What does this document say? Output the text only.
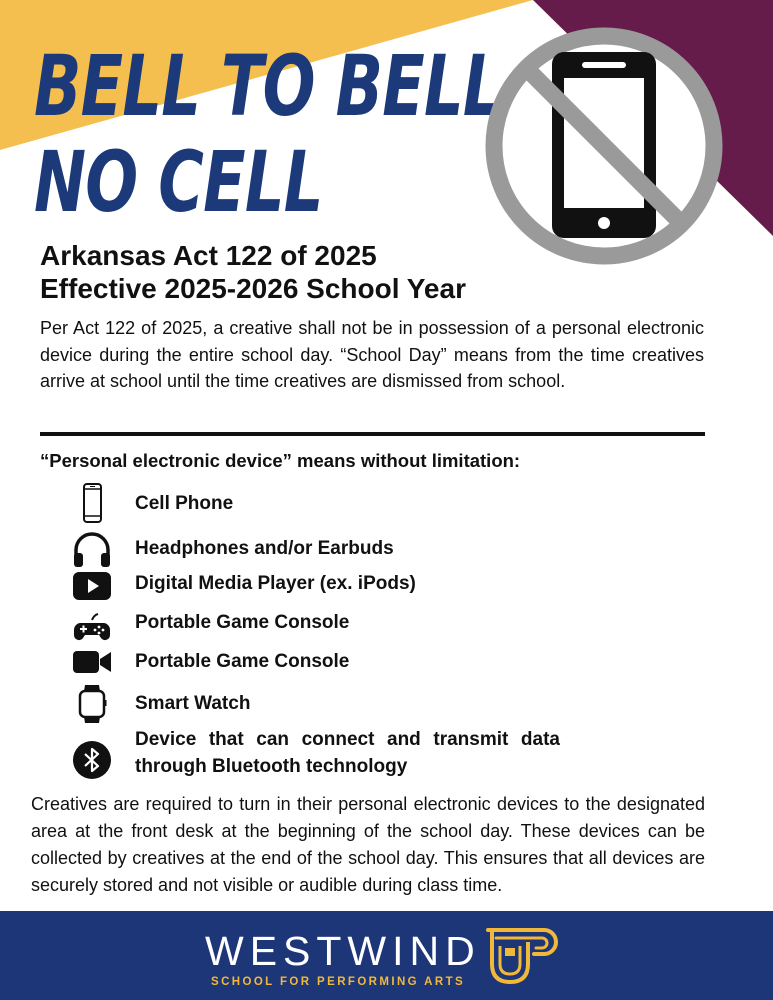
BELL TO BELL
NO CELL
Arkansas Act 122 of 2025
Effective 2025-2026 School Year

Per Act 122 of 2025, a creative shall not be in possession of a personal electronic device during the entire school day. “School Day” means from the time creatives arrive at school until the time creatives are dismissed from school.

“Personal electronic device” means without limitation:
Cell Phone
Headphones and/or Earbuds
Digital Media Player (ex. iPods)
Portable Game Console
Portable Game Console
Smart Watch
Device that can connect and transmit data through Bluetooth technology

Creatives are required to turn in their personal electronic devices to the designated area at the front desk at the beginning of the school day. These devices can be collected by creatives at the end of the school day. This ensures that all devices are securely stored and not visible or audible during class time.

WESTWIND
SCHOOL FOR PERFORMING ARTS
